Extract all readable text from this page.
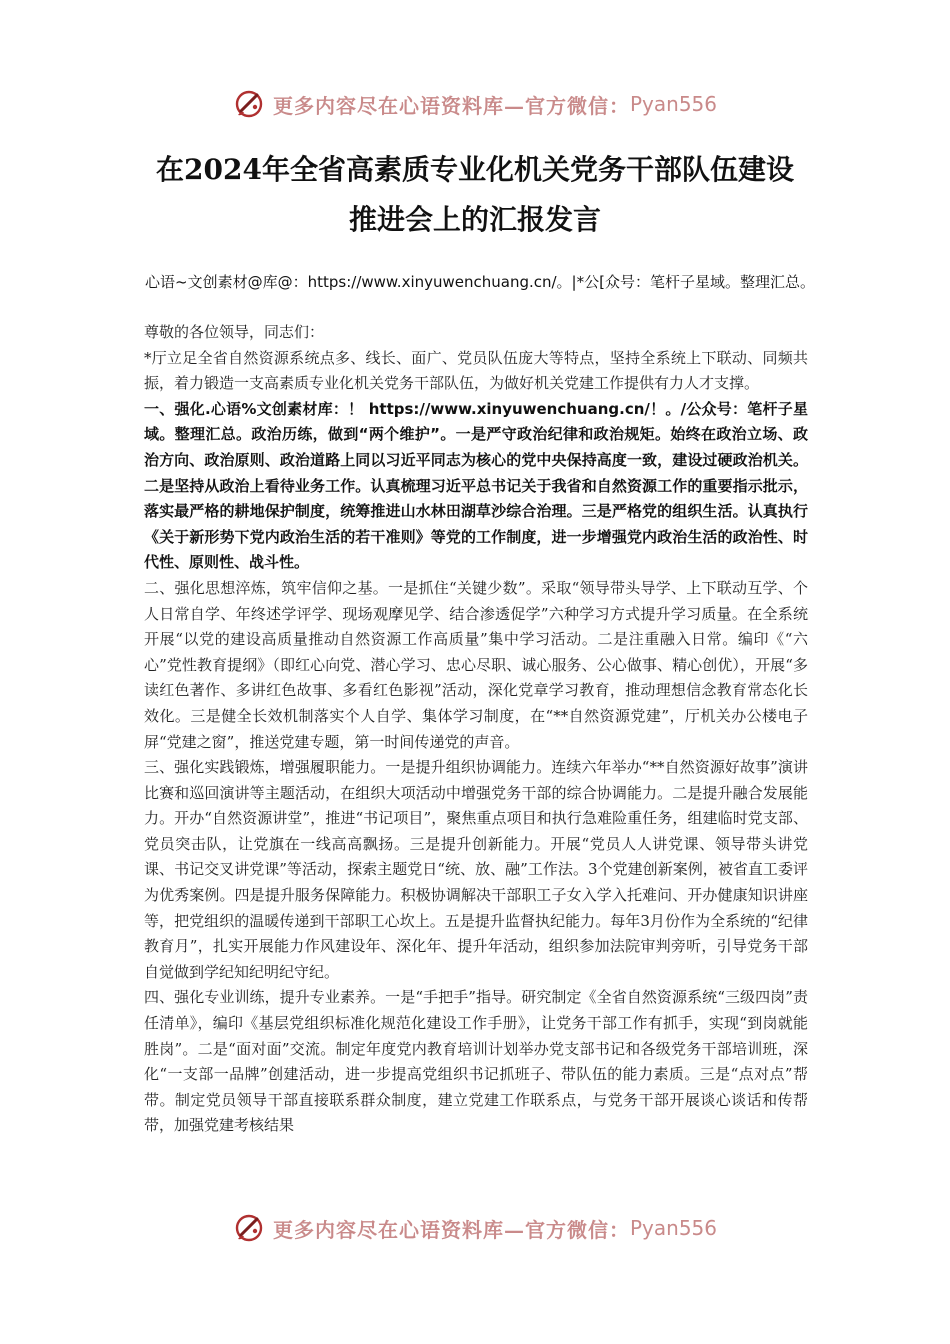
更多内容尽在心语资料库—官方微信： Pyan556
在2024年全省高素质专业化机关党务干部队伍建设
推进会上的汇报发言
心语~文创素材@库@：https://www.xinyuwenchuang.cn/。|*公[众号：笔杆子星域。整理汇总。

尊敬的各位领导，同志们：

*厅立足全省自然资源系统点多、线长、面广、党员队伍庞大等特点，坚持全系统上下联动、同频共振，着力锻造一支高素质专业化机关党务干部队伍，为做好机关党建工作提供有力人才支撑。

一、强化.心语%文创素材库：！ https://www.xinyuwenchuang.cn/！。/公众号：笔杆子星域。整理汇总。政治历练，做到“两个维护”。一是严守政治纪律和政治规矩。始终在政治立场、政治方向、政治原则、政治道路上同以习近平同志为核心的党中央保持高度一致，建设过硬政治机关。二是坚持从政治上看待业务工作。认真梳理习近平总书记关于我省和自然资源工作的重要指示批示，落实最严格的耕地保护制度，统筹推进山水林田湖草沙综合治理。三是严格党的组织生活。认真执行《关于新形势下党内政治生活的若干准则》等党的工作制度，进一步增强党内政治生活的政治性、时代性、原则性、战斗性。

二、强化思想淬炼，筑牢信仰之基。一是抓住“关键少数”。采取“领导带头导学、上下联动互学、个人日常自学、年终述学评学、现场观摩见学、结合渗透促学”六种学习方式提升学习质量。在全系统开展“以党的建设高质量推动自然资源工作高质量”集中学习活动。二是注重融入日常。编印《“六心”党性教育提纲》（即红心向党、潜心学习、忠心尽职、诚心服务、公心做事、精心创优），开展“多读红色著作、多讲红色故事、多看红色影视”活动，深化党章学习教育，推动理想信念教育常态化长效化。三是健全长效机制落实个人自学、集体学习制度，在“**自然资源党建”，厅机关办公楼电子屏“党建之窗”，推送党建专题，第一时间传递党的声音。

三、强化实践锻炼，增强履职能力。一是提升组织协调能力。连续六年举办“**自然资源好故事”演讲比赛和巡回演讲等主题活动，在组织大项活动中增强党务干部的综合协调能力。二是提升融合发展能力。开办“自然资源讲堂”，推进“书记项目”，聚焦重点项目和执行急难险重任务，组建临时党支部、党员突击队，让党旗在一线高高飘扬。三是提升创新能力。开展“党员人人讲党课、领导带头讲党课、书记交叉讲党课”等活动，探索主题党日“统、放、融”工作法。3个党建创新案例，被省直工委评为优秀案例。四是提升服务保障能力。积极协调解决干部职工子女入学入托难问、开办健康知识讲座等，把党组织的温暖传递到干部职工心坎上。五是提升监督执纪能力。每年3月份作为全系统的“纪律教育月”，扎实开展能力作风建设年、深化年、提升年活动，组织参加法院审判旁听，引导党务干部自觉做到学纪知纪明纪守纪。

四、强化专业训练，提升专业素养。一是“手把手”指导。研究制定《全省自然资源系统“三级四岗”责任清单》，编印《基层党组织标准化规范化建设工作手册》，让党务干部工作有抓手，实现“到岗就能胜岗”。二是“面对面”交流。制定年度党内教育培训计划举办党支部书记和各级党务干部培训班，深化“一支部一品牌”创建活动，进一步提高党组织书记抓班子、带队伍的能力素质。三是“点对点”帮带。制定党员领导干部直接联系群众制度，建立党建工作联系点，与党务干部开展谈心谈话和传帮带，加强党建考核结果

更多内容尽在心语资料库—官方微信： Pyan556
